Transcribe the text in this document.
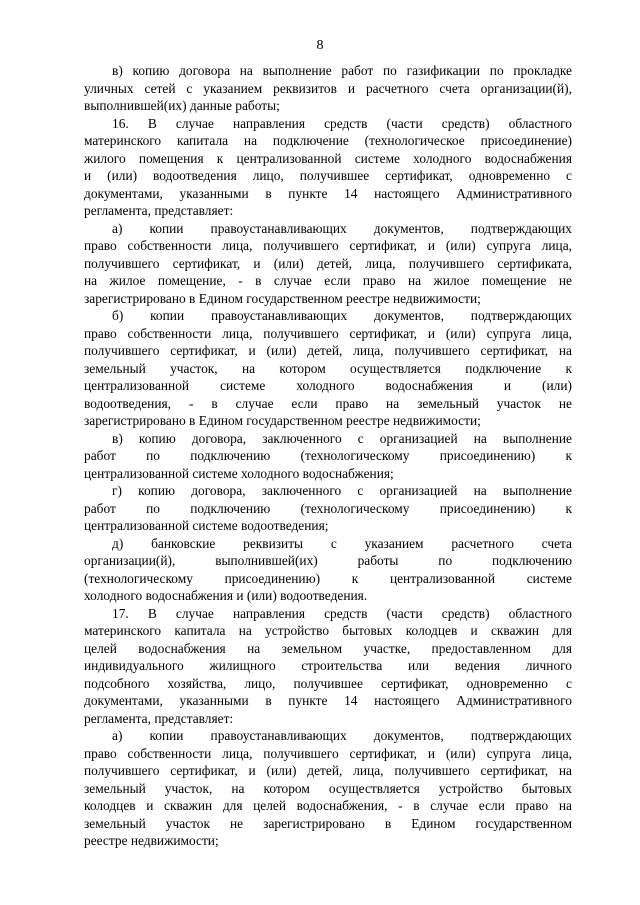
8
в) копию договора на выполнение работ по газификации по прокладке
уличных сетей с указанием реквизитов и расчетного счета организации(й),
выполнившей(их) данные работы;
16. В случае направления средств (части средств) областного
материнского капитала на подключение (технологическое присоединение)
жилого помещения к централизованной системе холодного водоснабжения
и (или) водоотведения лицо, получившее сертификат, одновременно с
документами, указанными в пункте 14 настоящего Административного
регламента, представляет:
а) копии правоустанавливающих документов, подтверждающих
право собственности лица, получившего сертификат, и (или) супруга лица,
получившего сертификат, и (или) детей, лица, получившего сертификата,
на жилое помещение, - в случае если право на жилое помещение не
зарегистрировано в Едином государственном реестре недвижимости;
б) копии правоустанавливающих документов, подтверждающих
право собственности лица, получившего сертификат, и (или) супруга лица,
получившего сертификат, и (или) детей, лица, получившего сертификат, на
земельный участок, на котором осуществляется подключение к
централизованной системе холодного водоснабжения и (или)
водоотведения, - в случае если право на земельный участок не
зарегистрировано в Едином государственном реестре недвижимости;
в) копию договора, заключенного с организацией на выполнение
работ по подключению (технологическому присоединению) к
централизованной системе холодного водоснабжения;
г) копию договора, заключенного с организацией на выполнение
работ по подключению (технологическому присоединению) к
централизованной системе водоотведения;
д) банковские реквизиты с указанием расчетного счета
организации(й), выполнившей(их) работы по подключению
(технологическому присоединению) к централизованной системе
холодного водоснабжения и (или) водоотведения.
17. В случае направления средств (части средств) областного
материнского капитала на устройство бытовых колодцев и скважин для
целей водоснабжения на земельном участке, предоставленном для
индивидуального жилищного строительства или ведения личного
подсобного хозяйства, лицо, получившее сертификат, одновременно с
документами, указанными в пункте 14 настоящего Административного
регламента, представляет:
а) копии правоустанавливающих документов, подтверждающих
право собственности лица, получившего сертификат, и (или) супруга лица,
получившего сертификат, и (или) детей, лица, получившего сертификат, на
земельный участок, на котором осуществляется устройство бытовых
колодцев и скважин для целей водоснабжения, - в случае если право на
земельный участок не зарегистрировано в Едином государственном
реестре недвижимости;
